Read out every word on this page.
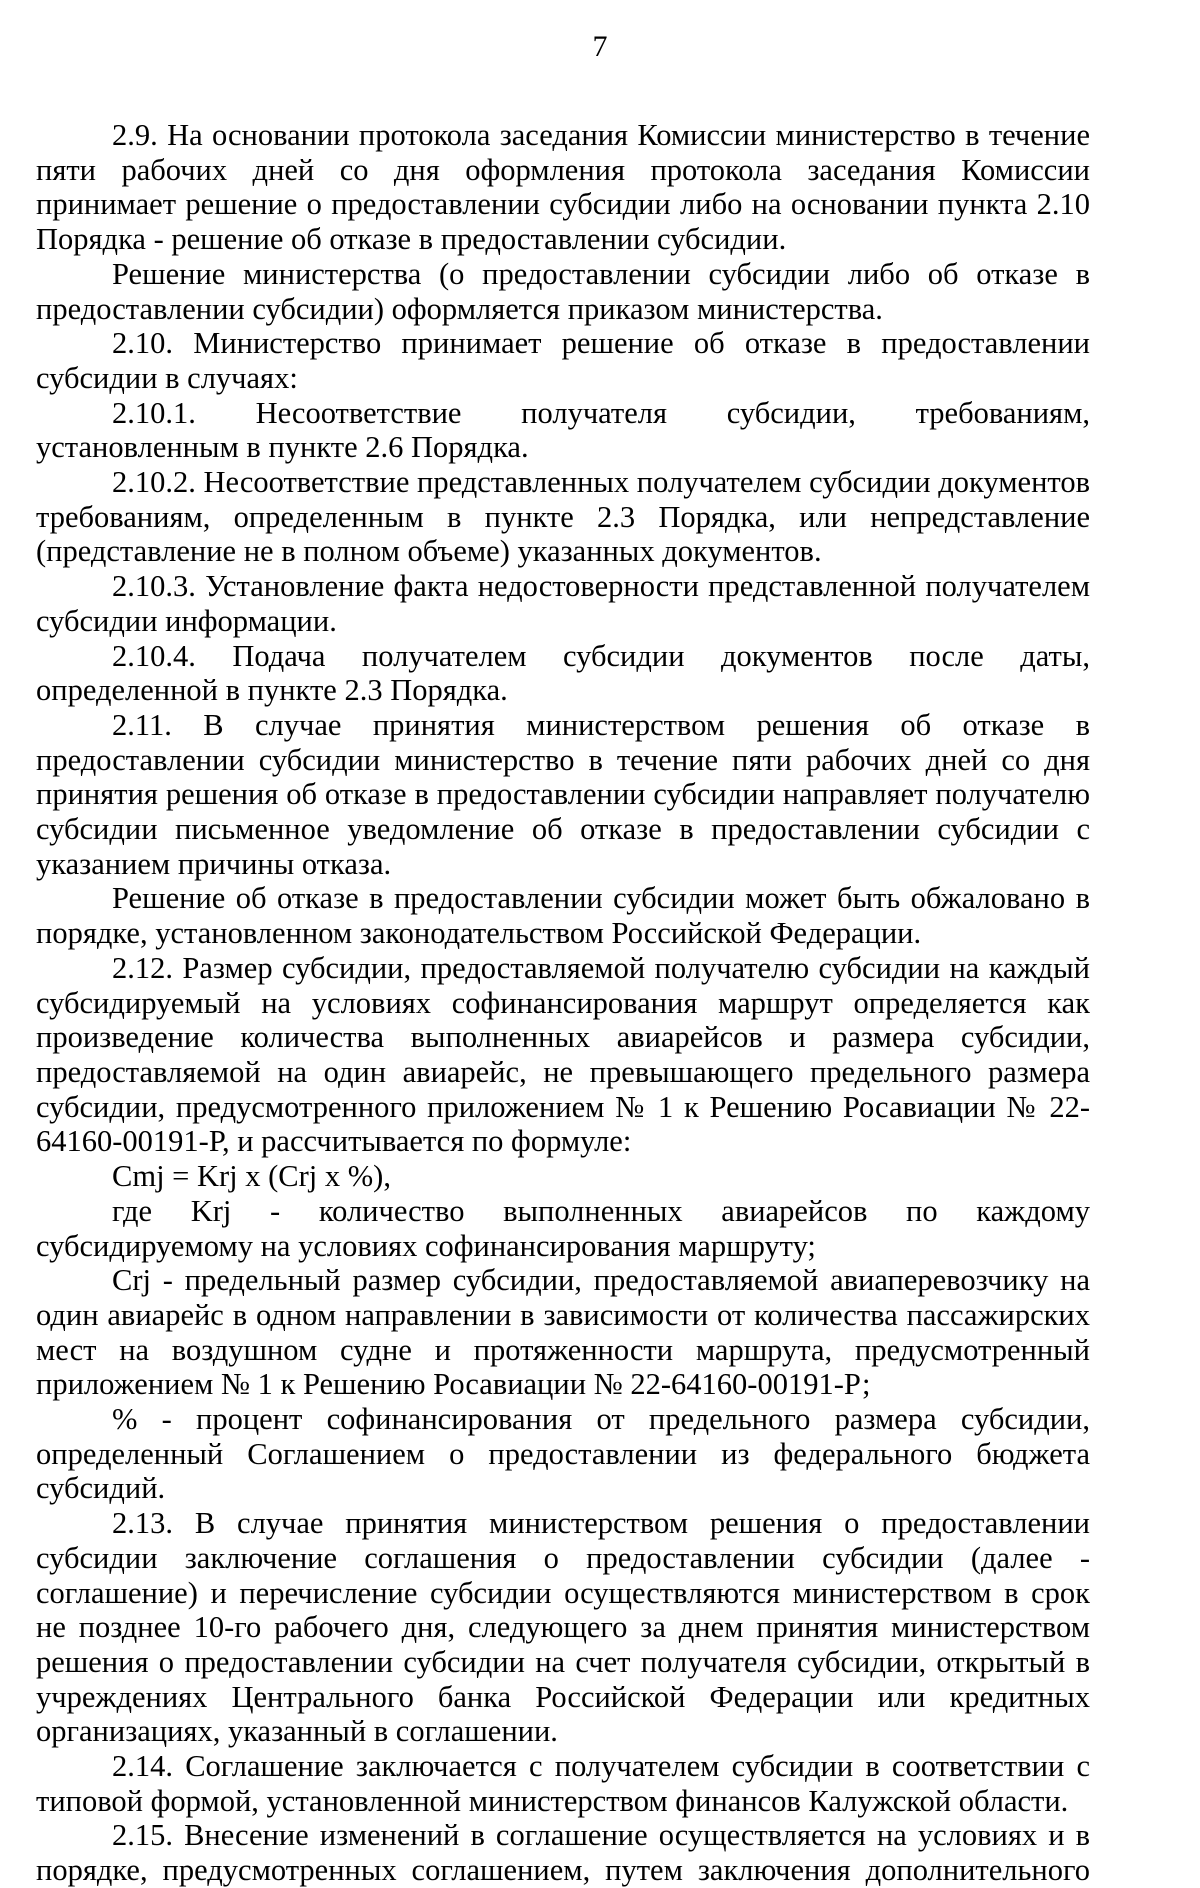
7

2.9. На основании протокола заседания Комиссии министерство в течение пяти рабочих дней со дня оформления протокола заседания Комиссии принимает решение о предоставлении субсидии либо на основании пункта 2.10 Порядка - решение об отказе в предоставлении субсидии.

Решение министерства (о предоставлении субсидии либо об отказе в предоставлении субсидии) оформляется приказом министерства.

2.10. Министерство принимает решение об отказе в предоставлении субсидии в случаях:

2.10.1. Несоответствие получателя субсидии, требованиям, установленным в пункте 2.6 Порядка.

2.10.2. Несоответствие представленных получателем субсидии документов требованиям, определенным в пункте 2.3 Порядка, или непредставление (представление не в полном объеме) указанных документов.

2.10.3. Установление факта недостоверности представленной получателем субсидии информации.

2.10.4. Подача получателем субсидии документов после даты, определенной в пункте 2.3 Порядка.

2.11. В случае принятия министерством решения об отказе в предоставлении субсидии министерство в течение пяти рабочих дней со дня принятия решения об отказе в предоставлении субсидии направляет получателю субсидии письменное уведомление об отказе в предоставлении субсидии с указанием причины отказа.

Решение об отказе в предоставлении субсидии может быть обжаловано в порядке, установленном законодательством Российской Федерации.

2.12. Размер субсидии, предоставляемой получателю субсидии на каждый субсидируемый на условиях софинансирования маршрут определяется как произведение количества выполненных авиарейсов и размера субсидии, предоставляемой на один авиарейс, не превышающего предельного размера субсидии, предусмотренного приложением № 1 к Решению Росавиации № 22-64160-00191-Р, и рассчитывается по формуле:

Cmj = Krj x (Crj x %),

где Krj - количество выполненных авиарейсов по каждому субсидируемому на условиях софинансирования маршруту;

Crj - предельный размер субсидии, предоставляемой авиаперевозчику на один авиарейс в одном направлении в зависимости от количества пассажирских мест на воздушном судне и протяженности маршрута, предусмотренный приложением № 1 к Решению Росавиации № 22-64160-00191-Р;

% - процент софинансирования от предельного размера субсидии, определенный Соглашением о предоставлении из федерального бюджета субсидий.

2.13. В случае принятия министерством решения о предоставлении субсидии заключение соглашения о предоставлении субсидии (далее - соглашение) и перечисление субсидии осуществляются министерством в срок не позднее 10-го рабочего дня, следующего за днем принятия министерством решения о предоставлении субсидии на счет получателя субсидии, открытый в учреждениях Центрального банка Российской Федерации или кредитных организациях, указанный в соглашении.

2.14. Соглашение заключается с получателем субсидии в соответствии с типовой формой, установленной министерством финансов Калужской области.

2.15. Внесение изменений в соглашение осуществляется на условиях и в порядке, предусмотренных соглашением, путем заключения дополнительного
